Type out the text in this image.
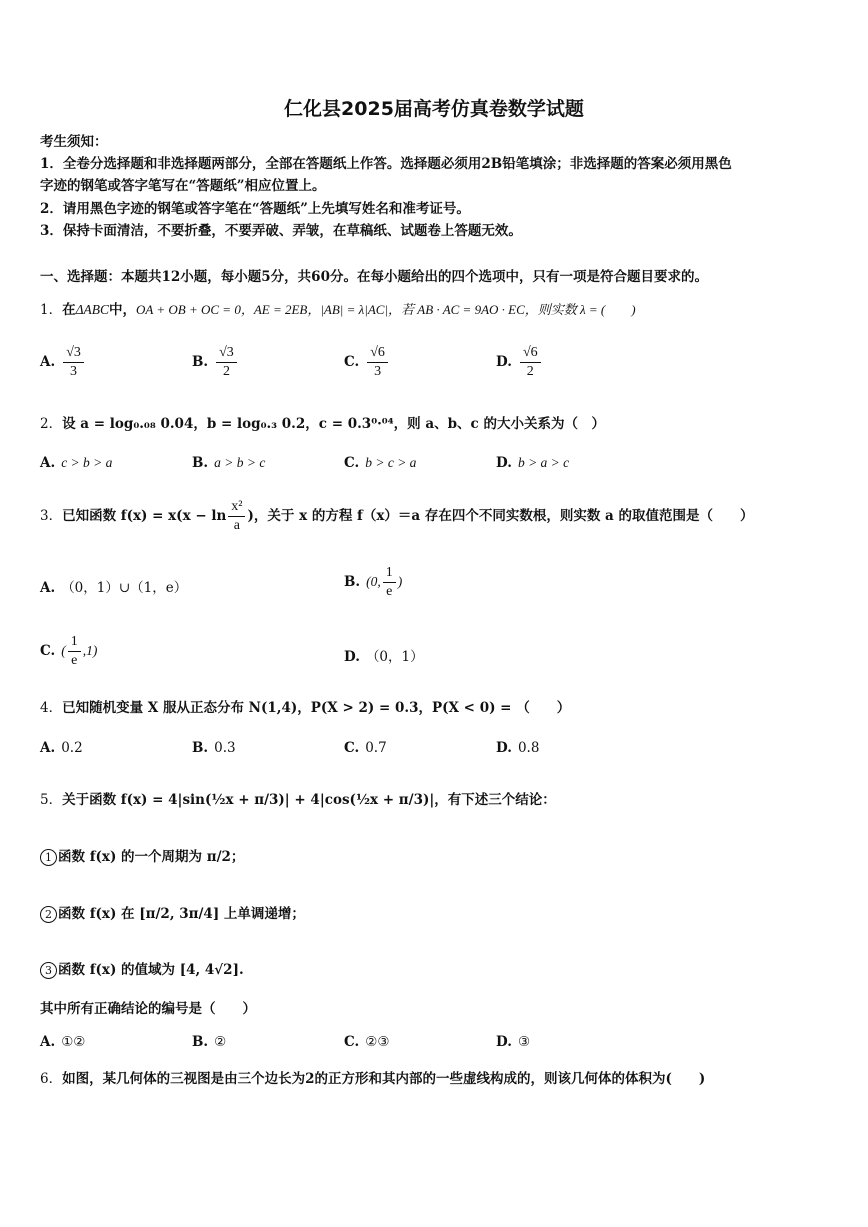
仁化县2025届高考仿真卷数学试题
考生须知：
1．全卷分选择题和非选择题两部分，全部在答题纸上作答。选择题必须用2B铅笔填涂；非选择题的答案必须用黑色
字迹的钢笔或答字笔写在“答题纸”相应位置上。
2．请用黑色字迹的钢笔或答字笔在“答题纸”上先填写姓名和准考证号。
3．保持卡面清洁，不要折叠，不要弄破、弄皱，在草稿纸、试题卷上答题无效。
一、选择题：本题共12小题，每小题5分，共60分。在每小题给出的四个选项中，只有一项是符合题目要求的。
1．在ΔABC中，OA + OB + OC = 0，AE = 2EB，|AB| = λ|AC|，若 AB · AC = 9AO · EC，则实数 λ = (　　)
A. $\frac{√3}{3}$	B. $\frac{√3}{2}$	C. $\frac{√6}{3}$	D. $\frac{√6}{2}$
2．设 a = log₀.₀₈ 0.04，b = log₀.₃ 0.2，c = 0.3⁰·⁰⁴，则 a、b、c 的大小关系为（　）
A. c > b > a	B. a > b > c	C. b > c > a	D. b > a > c
3．已知函数 $f(x) = x(x - \ln \frac{\text{x²}}{a}$ )，关于 x 的方程 f（x）＝a 存在四个不同实数根，则实数 a 的取值范围是（　　）
A. （0，1）∪（1，e）	B. (0, $\frac{1}{e}$ )
C. ( $\frac{1}{e} ,1$)	D. （0，1）
4．已知随机变量 X 服从正态分布 N(1,4)，P(X > 2) = 0.3，P(X < 0) = （　　）
A. 0.2	B. 0.3	C. 0.7	D. 0.8
5．关于函数 f(x) = 4|sin(½x + π/3)| + 4|cos(½x + π/3)|，有下述三个结论：
1 函数 f(x) 的一个周期为 π/2；
2 函数 f(x) 在 [π/2, 3π/4] 上单调递增；
3 函数 f(x) 的值域为 [4, 4√2].
其中所有正确结论的编号是（　　）
A. ①②	B. ②	C. ②③	D. ③
6．如图，某几何体的三视图是由三个边长为2的正方形和其内部的一些虚线构成的，则该几何体的体积为(　　)
